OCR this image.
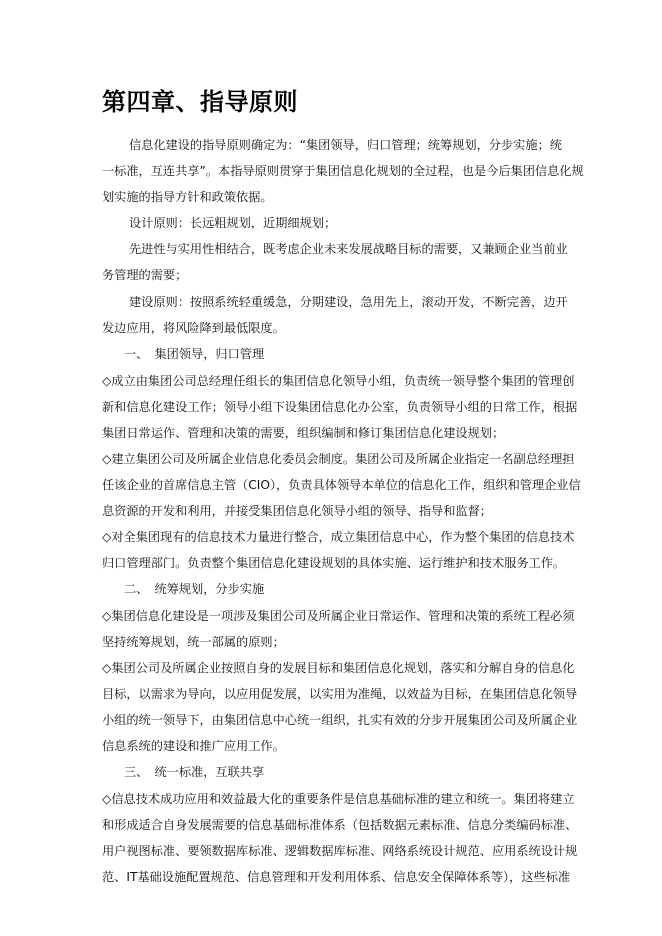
第四章、指导原则
信息化建设的指导原则确定为：“集团领导，归口管理；统筹规划，分步实施；统
一标准，互连共享”。本指导原则贯穿于集团信息化规划的全过程，也是今后集团信息化规
划实施的指导方针和政策依据。
设计原则：长远粗规划，近期细规划；
先进性与实用性相结合，既考虑企业未来发展战略目标的需要，又兼顾企业当前业
务管理的需要；
建设原则：按照系统轻重缓急，分期建设，急用先上，滚动开发，不断完善，边开
发边应用，将风险降到最低限度。
一、　集团领导，归口管理
◇成立由集团公司总经理任组长的集团信息化领导小组，负责统一领导整个集团的管理创
新和信息化建设工作；领导小组下设集团信息化办公室，负责领导小组的日常工作，根据
集团日常运作、管理和决策的需要，组织编制和修订集团信息化建设规划；
◇建立集团公司及所属企业信息化委员会制度。集团公司及所属企业指定一名副总经理担
任该企业的首席信息主管（CIO），负责具体领导本单位的信息化工作，组织和管理企业信
息资源的开发和利用，并接受集团信息化领导小组的领导、指导和监督；
◇对全集团现有的信息技术力量进行整合，成立集团信息中心，作为整个集团的信息技术
归口管理部门。负责整个集团信息化建设规划的具体实施、运行维护和技术服务工作。
二、　统筹规划，分步实施
◇集团信息化建设是一项涉及集团公司及所属企业日常运作、管理和决策的系统工程必须
坚持统筹规划，统一部属的原则；
◇集团公司及所属企业按照自身的发展目标和集团信息化规划，落实和分解自身的信息化
目标，以需求为导向，以应用促发展，以实用为准绳，以效益为目标，在集团信息化领导
小组的统一领导下，由集团信息中心统一组织，扎实有效的分步开展集团公司及所属企业
信息系统的建设和推广应用工作。
三、　统一标准，互联共享
◇信息技术成功应用和效益最大化的重要条件是信息基础标准的建立和统一。集团将建立
和形成适合自身发展需要的信息基础标准体系（包括数据元素标准、信息分类编码标准、
用户视图标准、要领数据库标准、逻辑数据库标准、网络系统设计规范、应用系统设计规
范、IT基础设施配置规范、信息管理和开发利用体系、信息安全保障体系等），这些标准
